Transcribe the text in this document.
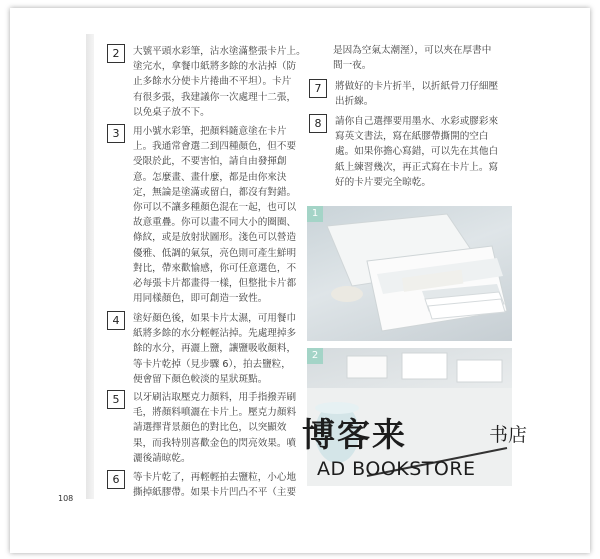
108
2	大號平頭水彩筆，沾水塗滿整張卡片上。
塗完水，拿餐巾紙將多餘的水沾掉（防
止多餘水分使卡片捲曲不平坦）。卡片
有很多張，我建議你一次處理十二張，
以免桌子放不下。
3	用小號水彩筆，把顏料隨意塗在卡片
上。我通常會選二到四種顏色，但不要
受限於此，不要害怕，請自由發揮創
意。怎麼畫、畫什麼，都是由你來決
定，無論是塗滿或留白，都沒有對錯。
你可以不讓多種顏色混在一起，也可以
故意重疊。你可以畫不同大小的圈圈、
條紋，或是放射狀圖形。淺色可以營造
優雅、低調的氣氛，亮色則可產生鮮明
對比，帶來歡愉感，你可任意選色，不
必每張卡片都畫得一樣，但整批卡片都
用同樣顏色，即可創造一致性。
4	塗好顏色後，如果卡片太濕，可用餐巾
紙將多餘的水分輕輕沾掉。先處理掉多
餘的水分，再灑上鹽，讓鹽吸收顏料，
等卡片乾掉（見步驟 6），拍去鹽粒，
便會留下顏色較淡的星狀斑點。
5	以牙刷沾取壓克力顏料，用手指撥弄刷
毛，將顏料噴灑在卡片上。壓克力顏料
請選擇背景顏色的對比色，以突顯效
果，而我特別喜歡金色的閃亮效果。噴
灑後請晾乾。
6	等卡片乾了，再輕輕拍去鹽粒，小心地
撕掉紙膠帶。如果卡片凹凸不平（主要
是因為空氣太潮溼），可以夾在厚書中
間一夜。
7	將做好的卡片折半，以折紙骨刀仔細壓
出折線。
8	請你自己選擇要用墨水、水彩或膠彩來
寫英文書法，寫在紙膠帶撕開的空白
處。如果你擔心寫錯，可以先在其他白
紙上練習幾次，再正式寫在卡片上。寫
好的卡片要完全晾乾。
1
2
博客来	书店
AD BOOKSTORE
